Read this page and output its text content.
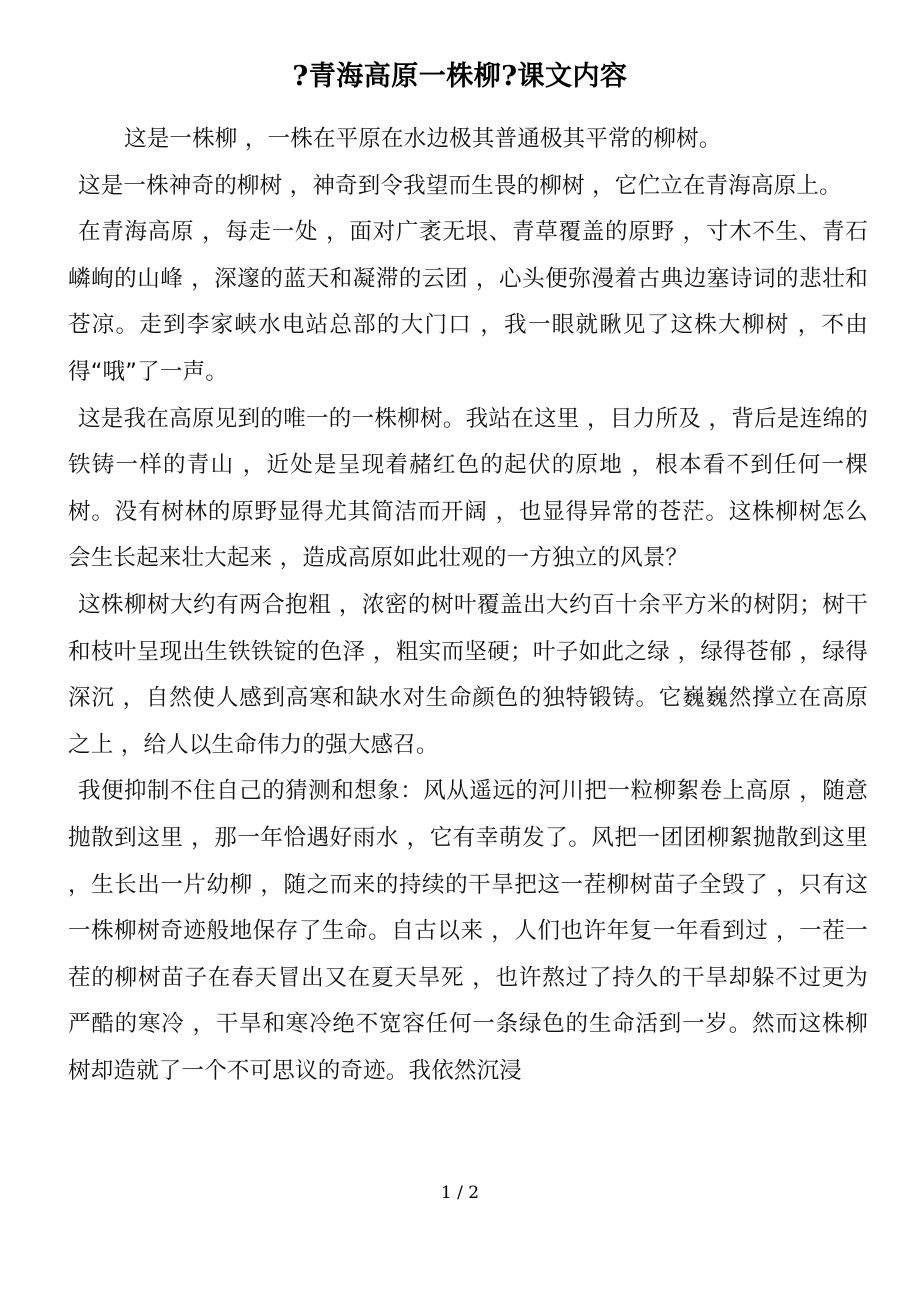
?青海高原一株柳?课文内容

这是一株柳 ，一株在平原在水边极其普通极其平常的柳树。

这是一株神奇的柳树 ，神奇到令我望而生畏的柳树 ，它伫立在青海高原上。

在青海高原 ，每走一处 ，面对广袤无垠、青草覆盖的原野 ，寸木不生、青石嶙峋的山峰 ，深邃的蓝天和凝滞的云团 ，心头便弥漫着古典边塞诗词的悲壮和苍凉。走到李家峡水电站总部的大门口 ，我一眼就瞅见了这株大柳树 ，不由得“哦”了一声。

这是我在高原见到的唯一的一株柳树。我站在这里 ，目力所及 ，背后是连绵的铁铸一样的青山 ，近处是呈现着赭红色的起伏的原地 ，根本看不到任何一棵树。没有树林的原野显得尤其简洁而开阔 ，也显得异常的苍茫。这株柳树怎么会生长起来壮大起来 ，造成高原如此壮观的一方独立的风景？

这株柳树大约有两合抱粗 ，浓密的树叶覆盖出大约百十余平方米的树阴；树干和枝叶呈现出生铁铁锭的色泽 ，粗实而坚硬；叶子如此之绿 ，绿得苍郁 ，绿得深沉 ，自然使人感到高寒和缺水对生命颜色的独特锻铸。它巍巍然撑立在高原之上 ，给人以生命伟力的强大感召。

我便抑制不住自己的猜测和想象：风从遥远的河川把一粒柳絮卷上高原 ，随意抛散到这里 ，那一年恰遇好雨水 ，它有幸萌发了。风把一团团柳絮抛散到这里 ，生长出一片幼柳 ，随之而来的持续的干旱把这一茬柳树苗子全毁了 ，只有这一株柳树奇迹般地保存了生命。自古以来 ，人们也许年复一年看到过 ，一茬一茬的柳树苗子在春天冒出又在夏天旱死 ，也许熬过了持久的干旱却躲不过更为严酷的寒冷 ，干旱和寒冷绝不宽容任何一条绿色的生命活到一岁。然而这株柳树却造就了一个不可思议的奇迹。我依然沉浸

1 / 2
